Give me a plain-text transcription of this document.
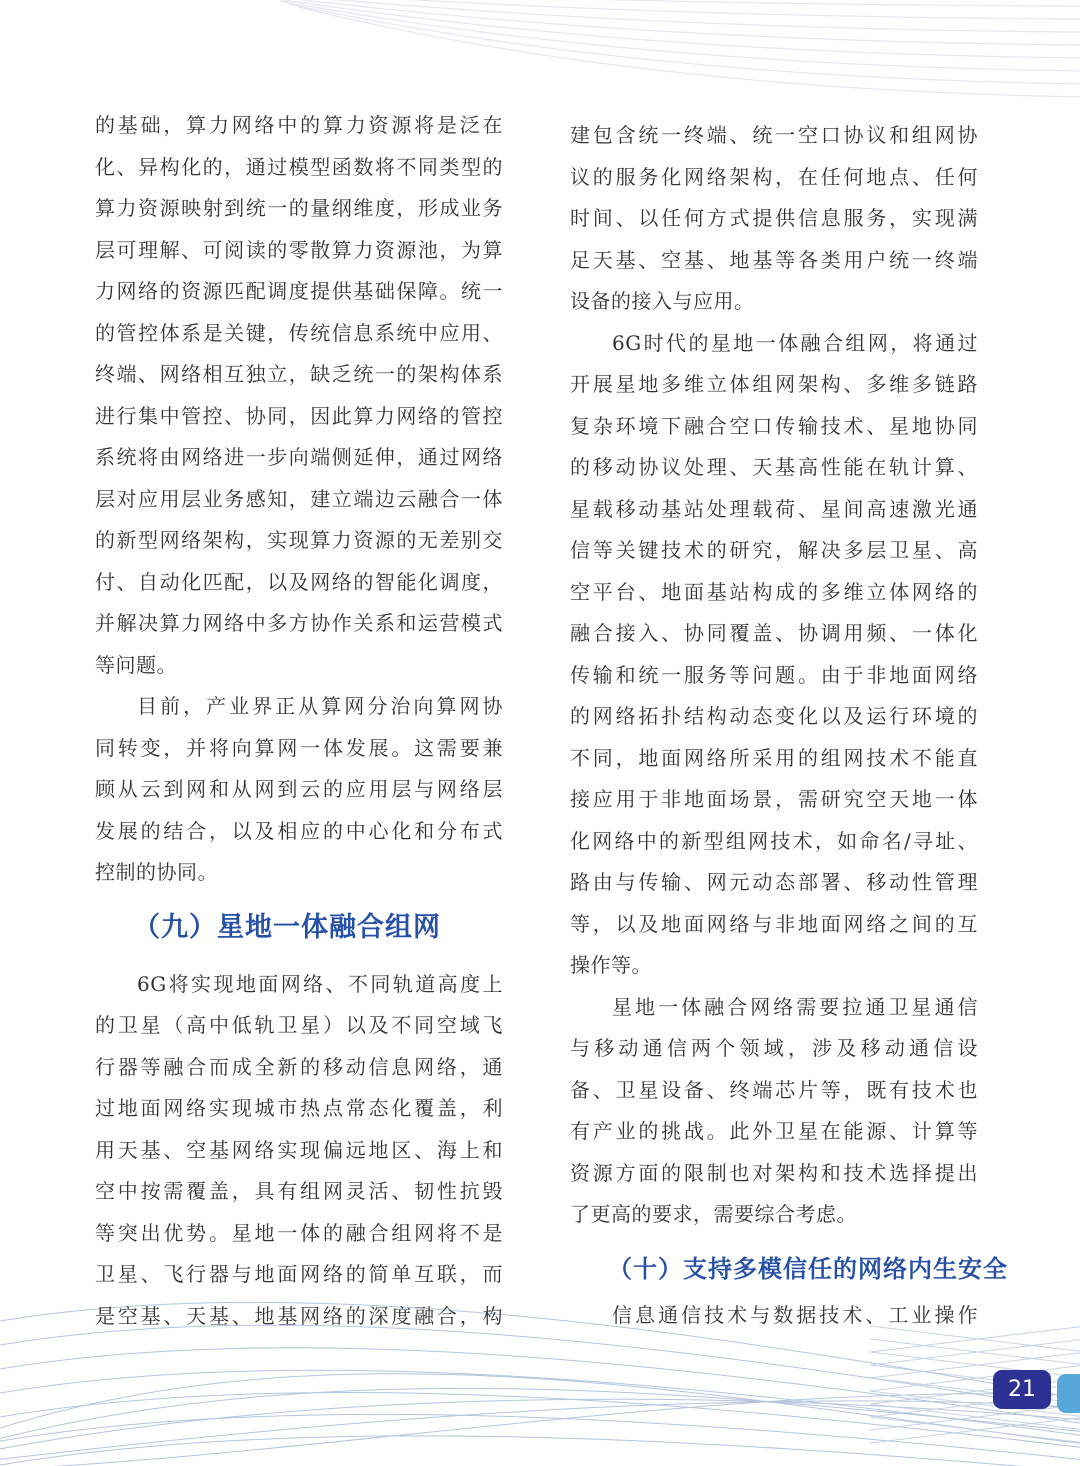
的基础，算力网络中的算力资源将是泛在
化、异构化的，通过模型函数将不同类型的
算力资源映射到统一的量纲维度，形成业务
层可理解、可阅读的零散算力资源池，为算
力网络的资源匹配调度提供基础保障。统一
的管控体系是关键，传统信息系统中应用、
终端、网络相互独立，缺乏统一的架构体系
进行集中管控、协同，因此算力网络的管控
系统将由网络进一步向端侧延伸，通过网络
层对应用层业务感知，建立端边云融合一体
的新型网络架构，实现算力资源的无差别交
付、自动化匹配，以及网络的智能化调度，
并解决算力网络中多方协作关系和运营模式
等问题。
目前，产业界正从算网分治向算网协
同转变，并将向算网一体发展。这需要兼
顾从云到网和从网到云的应用层与网络层
发展的结合，以及相应的中心化和分布式
控制的协同。
（九）星地一体融合组网
6G将实现地面网络、不同轨道高度上
的卫星（高中低轨卫星）以及不同空域飞
行器等融合而成全新的移动信息网络，通
过地面网络实现城市热点常态化覆盖，利
用天基、空基网络实现偏远地区、海上和
空中按需覆盖，具有组网灵活、韧性抗毁
等突出优势。星地一体的融合组网将不是
卫星、飞行器与地面网络的简单互联，而
是空基、天基、地基网络的深度融合，构
建包含统一终端、统一空口协议和组网协
议的服务化网络架构，在任何地点、任何
时间、以任何方式提供信息服务，实现满
足天基、空基、地基等各类用户统一终端
设备的接入与应用。
6G时代的星地一体融合组网，将通过
开展星地多维立体组网架构、多维多链路
复杂环境下融合空口传输技术、星地协同
的移动协议处理、天基高性能在轨计算、
星载移动基站处理载荷、星间高速激光通
信等关键技术的研究，解决多层卫星、高
空平台、地面基站构成的多维立体网络的
融合接入、协同覆盖、协调用频、一体化
传输和统一服务等问题。由于非地面网络
的网络拓扑结构动态变化以及运行环境的
不同，地面网络所采用的组网技术不能直
接应用于非地面场景，需研究空天地一体
化网络中的新型组网技术，如命名/寻址、
路由与传输、网元动态部署、移动性管理
等，以及地面网络与非地面网络之间的互
操作等。
星地一体融合网络需要拉通卫星通信
与移动通信两个领域，涉及移动通信设
备、卫星设备、终端芯片等，既有技术也
有产业的挑战。此外卫星在能源、计算等
资源方面的限制也对架构和技术选择提出
了更高的要求，需要综合考虑。
（十）支持多模信任的网络内生安全
信息通信技术与数据技术、工业操作
21
